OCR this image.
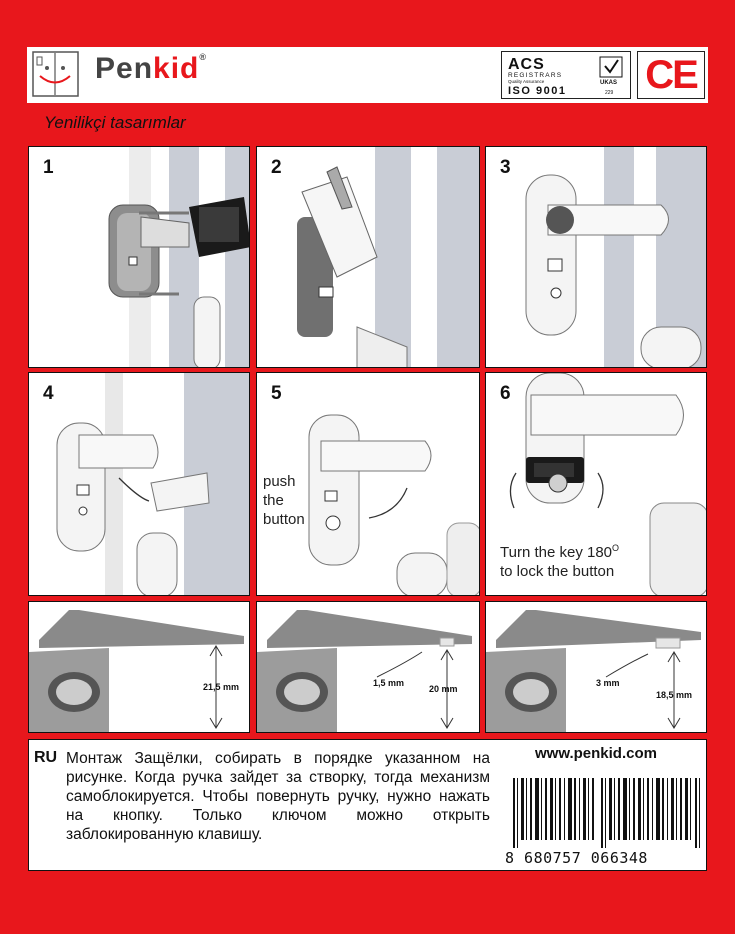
Penkid®	ACS
REGISTRARS
Quality Assurance
ISO 9001
UKAS
229 CE
Yenilikçi tasarımlar
1	2	3
4	5
push
the
button
6
Turn the key $180^O$
to lock the button
21,5 mm	1,5 mm
20 mm
3 mm
18,5 mm
RU Монтаж Защёлки, собирать в порядке указанном на рисунке. Когда ручка зайдет за створку, тогда механизм самоблокируется. Чтобы повернуть ручку, нужно нажать на кнопку. Только ключом можно открыть заблокированную клавишу.
www.penkid.com
8 680757 066348
